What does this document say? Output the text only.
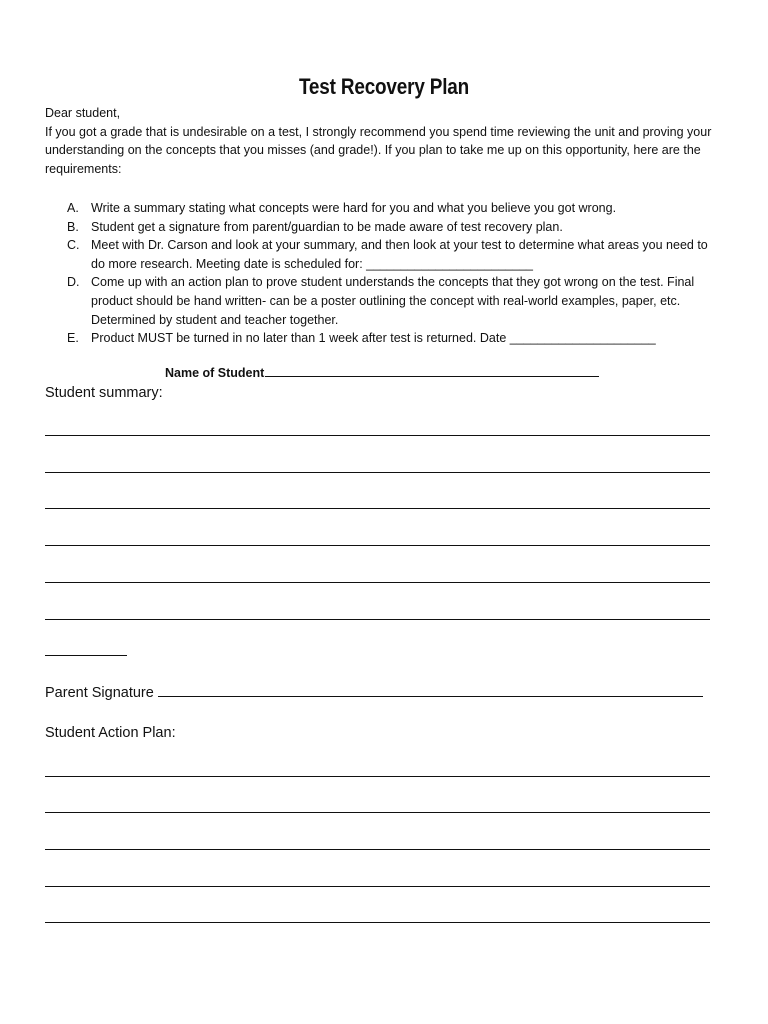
Test Recovery Plan

Dear student,

If you got a grade that is undesirable on a test, I strongly recommend you spend time reviewing the unit and proving your understanding on the concepts that you misses (and grade!). If you plan to take me up on this opportunity, here are the requirements:

A. Write a summary stating what concepts were hard for you and what you believe you got wrong.
B. Student get a signature from parent/guardian to be made aware of test recovery plan.
C. Meet with Dr. Carson and look at your summary, and then look at your test to determine what areas you need to do more research. Meeting date is scheduled for: ________________________
D. Come up with an action plan to prove student understands the concepts that they got wrong on the test. Final product should be hand written- can be a poster outlining the concept with real-world examples, paper, etc. Determined by student and teacher together.
E. Product MUST be turned in no later than 1 week after test is returned. Date _____________________
Name of Student
Student summary:
Parent Signature
Student Action Plan:
